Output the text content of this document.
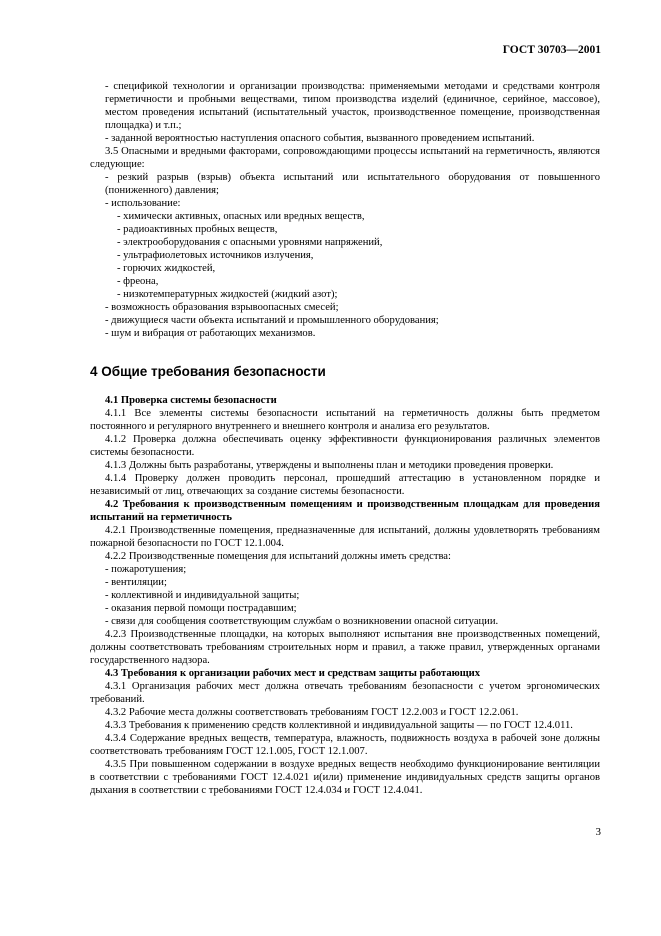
ГОСТ 30703—2001

- спецификой технологии и организации производства: применяемыми методами и средствами контроля герметичности и пробными веществами, типом производства изделий (единичное, серийное, массовое), местом проведения испытаний (испытательный участок, производственное помещение, производственная площадка) и т.п.;

- заданной вероятностью наступления опасного события, вызванного проведением испытаний.

3.5 Опасными и вредными факторами, сопровождающими процессы испытаний на герметичность, являются следующие:

- резкий разрыв (взрыв) объекта испытаний или испытательного оборудования от повышенного (пониженного) давления;

- использование:

- химически активных, опасных или вредных веществ,

- радиоактивных пробных веществ,

- электрооборудования с опасными уровнями напряжений,

- ультрафиолетовых источников излучения,

- горючих жидкостей,

- фреона,

- низкотемпературных жидкостей (жидкий азот);

- возможность образования взрывоопасных смесей;

- движущиеся части объекта испытаний и промышленного оборудования;

- шум и вибрация от работающих механизмов.

4 Общие требования безопасности

4.1 Проверка системы безопасности

4.1.1 Все элементы системы безопасности испытаний на герметичность должны быть предметом постоянного и регулярного внутреннего и внешнего контроля и анализа его результатов.

4.1.2 Проверка должна обеспечивать оценку эффективности функционирования различных элементов системы безопасности.

4.1.3 Должны быть разработаны, утверждены и выполнены план и методики проведения проверки.

4.1.4 Проверку должен проводить персонал, прошедший аттестацию в установленном порядке и независимый от лиц, отвечающих за создание системы безопасности.

4.2 Требования к производственным помещениям и производственным площадкам для проведения испытаний на герметичность

4.2.1 Производственные помещения, предназначенные для испытаний, должны удовлетворять требованиям пожарной безопасности по ГОСТ 12.1.004.

4.2.2 Производственные помещения для испытаний должны иметь средства:

- пожаротушения;

- вентиляции;

- коллективной и индивидуальной защиты;

- оказания первой помощи пострадавшим;

- связи для сообщения соответствующим службам о возникновении опасной ситуации.

4.2.3 Производственные площадки, на которых выполняют испытания вне производственных помещений, должны соответствовать требованиям строительных норм и правил, а также правил, утвержденных органами государственного надзора.

4.3 Требования к организации рабочих мест и средствам защиты работающих

4.3.1 Организация рабочих мест должна отвечать требованиям безопасности с учетом эргономических требований.

4.3.2 Рабочие места должны соответствовать требованиям ГОСТ 12.2.003 и ГОСТ 12.2.061.

4.3.3 Требования к применению средств коллективной и индивидуальной защиты — по ГОСТ 12.4.011.

4.3.4 Содержание вредных веществ, температура, влажность, подвижность воздуха в рабочей зоне должны соответствовать требованиям ГОСТ 12.1.005, ГОСТ 12.1.007.

4.3.5 При повышенном содержании в воздухе вредных веществ необходимо функционирование вентиляции в соответствии с требованиями ГОСТ 12.4.021 и(или) применение индивидуальных средств защиты органов дыхания в соответствии с требованиями ГОСТ 12.4.034 и ГОСТ 12.4.041.

3
